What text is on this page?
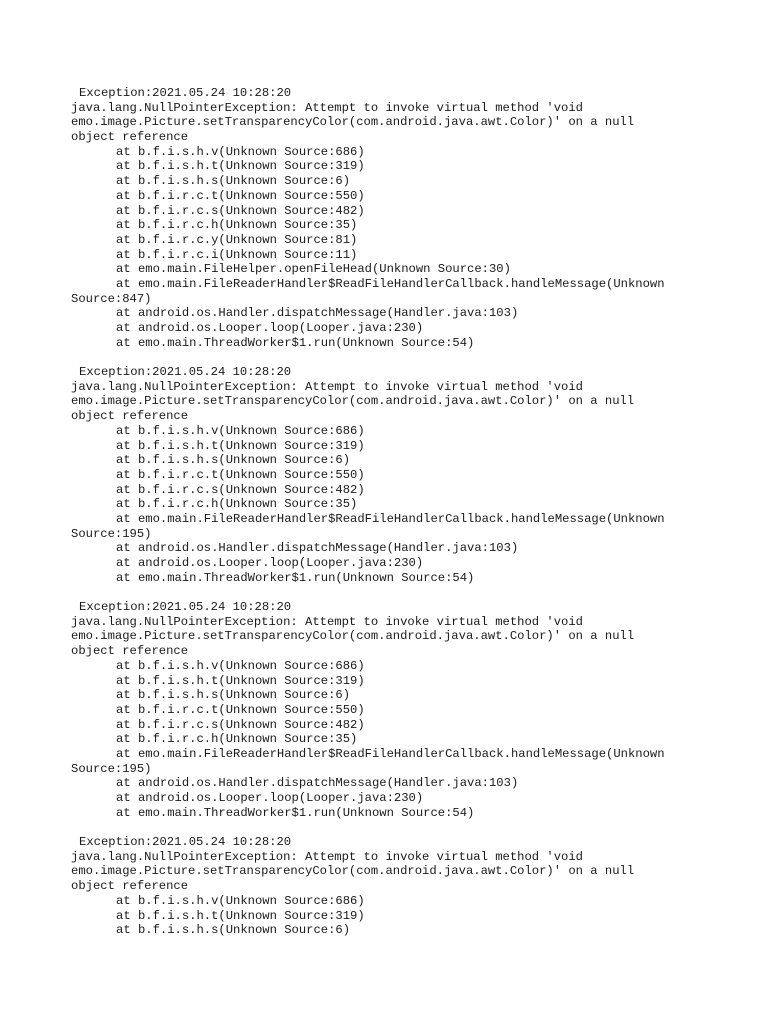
Exception:2021.05.24 10:28:20
java.lang.NullPointerException: Attempt to invoke virtual method 'void
emo.image.Picture.setTransparencyColor(com.android.java.awt.Color)' on a null
object reference
at b.f.i.s.h.v(Unknown Source:686)
at b.f.i.s.h.t(Unknown Source:319)
at b.f.i.s.h.s(Unknown Source:6)
at b.f.i.r.c.t(Unknown Source:550)
at b.f.i.r.c.s(Unknown Source:482)
at b.f.i.r.c.h(Unknown Source:35)
at b.f.i.r.c.y(Unknown Source:81)
at b.f.i.r.c.i(Unknown Source:11)
at emo.main.FileHelper.openFileHead(Unknown Source:30)
at emo.main.FileReaderHandler$ReadFileHandlerCallback.handleMessage(Unknown
Source:847)
at android.os.Handler.dispatchMessage(Handler.java:103)
at android.os.Looper.loop(Looper.java:230)
at emo.main.ThreadWorker$1.run(Unknown Source:54)
Exception:2021.05.24 10:28:20
java.lang.NullPointerException: Attempt to invoke virtual method 'void
emo.image.Picture.setTransparencyColor(com.android.java.awt.Color)' on a null
object reference
at b.f.i.s.h.v(Unknown Source:686)
at b.f.i.s.h.t(Unknown Source:319)
at b.f.i.s.h.s(Unknown Source:6)
at b.f.i.r.c.t(Unknown Source:550)
at b.f.i.r.c.s(Unknown Source:482)
at b.f.i.r.c.h(Unknown Source:35)
at emo.main.FileReaderHandler$ReadFileHandlerCallback.handleMessage(Unknown
Source:195)
at android.os.Handler.dispatchMessage(Handler.java:103)
at android.os.Looper.loop(Looper.java:230)
at emo.main.ThreadWorker$1.run(Unknown Source:54)
Exception:2021.05.24 10:28:20
java.lang.NullPointerException: Attempt to invoke virtual method 'void
emo.image.Picture.setTransparencyColor(com.android.java.awt.Color)' on a null
object reference
at b.f.i.s.h.v(Unknown Source:686)
at b.f.i.s.h.t(Unknown Source:319)
at b.f.i.s.h.s(Unknown Source:6)
at b.f.i.r.c.t(Unknown Source:550)
at b.f.i.r.c.s(Unknown Source:482)
at b.f.i.r.c.h(Unknown Source:35)
at emo.main.FileReaderHandler$ReadFileHandlerCallback.handleMessage(Unknown
Source:195)
at android.os.Handler.dispatchMessage(Handler.java:103)
at android.os.Looper.loop(Looper.java:230)
at emo.main.ThreadWorker$1.run(Unknown Source:54)
Exception:2021.05.24 10:28:20
java.lang.NullPointerException: Attempt to invoke virtual method 'void
emo.image.Picture.setTransparencyColor(com.android.java.awt.Color)' on a null
object reference
at b.f.i.s.h.v(Unknown Source:686)
at b.f.i.s.h.t(Unknown Source:319)
at b.f.i.s.h.s(Unknown Source:6)
